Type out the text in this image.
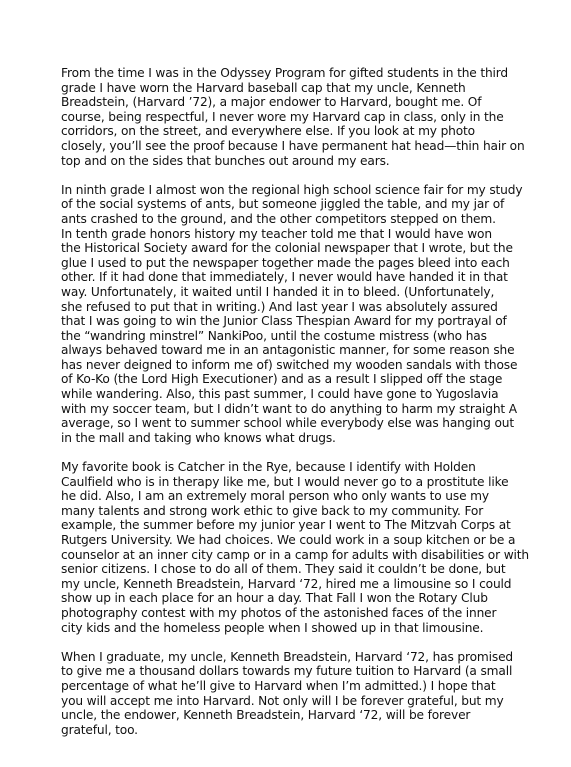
From the time I was in the Odyssey Program for gifted students in the third
grade I have worn the Harvard baseball cap that my uncle, Kenneth
Breadstein, (Harvard ’72), a major endower to Harvard, bought me. Of
course, being respectful, I never wore my Harvard cap in class, only in the
corridors, on the street, and everywhere else. If you look at my photo
closely, you’ll see the proof because I have permanent hat head—thin hair on
top and on the sides that bunches out around my ears.
In ninth grade I almost won the regional high school science fair for my study
of the social systems of ants, but someone jiggled the table, and my jar of
ants crashed to the ground, and the other competitors stepped on them.
In tenth grade honors history my teacher told me that I would have won
the Historical Society award for the colonial newspaper that I wrote, but the
glue I used to put the newspaper together made the pages bleed into each
other. If it had done that immediately, I never would have handed it in that
way. Unfortunately, it waited until I handed it in to bleed. (Unfortunately,
she refused to put that in writing.) And last year I was absolutely assured
that I was going to win the Junior Class Thespian Award for my portrayal of
the “wandring minstrel” NankiPoo, until the costume mistress (who has
always behaved toward me in an antagonistic manner, for some reason she
has never deigned to inform me of) switched my wooden sandals with those
of Ko-Ko (the Lord High Executioner) and as a result I slipped off the stage
while wandering. Also, this past summer, I could have gone to Yugoslavia
with my soccer team, but I didn’t want to do anything to harm my straight A
average, so I went to summer school while everybody else was hanging out
in the mall and taking who knows what drugs.
My favorite book is Catcher in the Rye, because I identify with Holden
Caulfield who is in therapy like me, but I would never go to a prostitute like
he did. Also, I am an extremely moral person who only wants to use my
many talents and strong work ethic to give back to my community. For
example, the summer before my junior year I went to The Mitzvah Corps at
Rutgers University. We had choices. We could work in a soup kitchen or be a
counselor at an inner city camp or in a camp for adults with disabilities or with
senior citizens. I chose to do all of them. They said it couldn’t be done, but
my uncle, Kenneth Breadstein, Harvard ‘72, hired me a limousine so I could
show up in each place for an hour a day. That Fall I won the Rotary Club
photography contest with my photos of the astonished faces of the inner
city kids and the homeless people when I showed up in that limousine.
When I graduate, my uncle, Kenneth Breadstein, Harvard ‘72, has promised
to give me a thousand dollars towards my future tuition to Harvard (a small
percentage of what he’ll give to Harvard when I’m admitted.) I hope that
you will accept me into Harvard. Not only will I be forever grateful, but my
uncle, the endower, Kenneth Breadstein, Harvard ‘72, will be forever
grateful, too.
